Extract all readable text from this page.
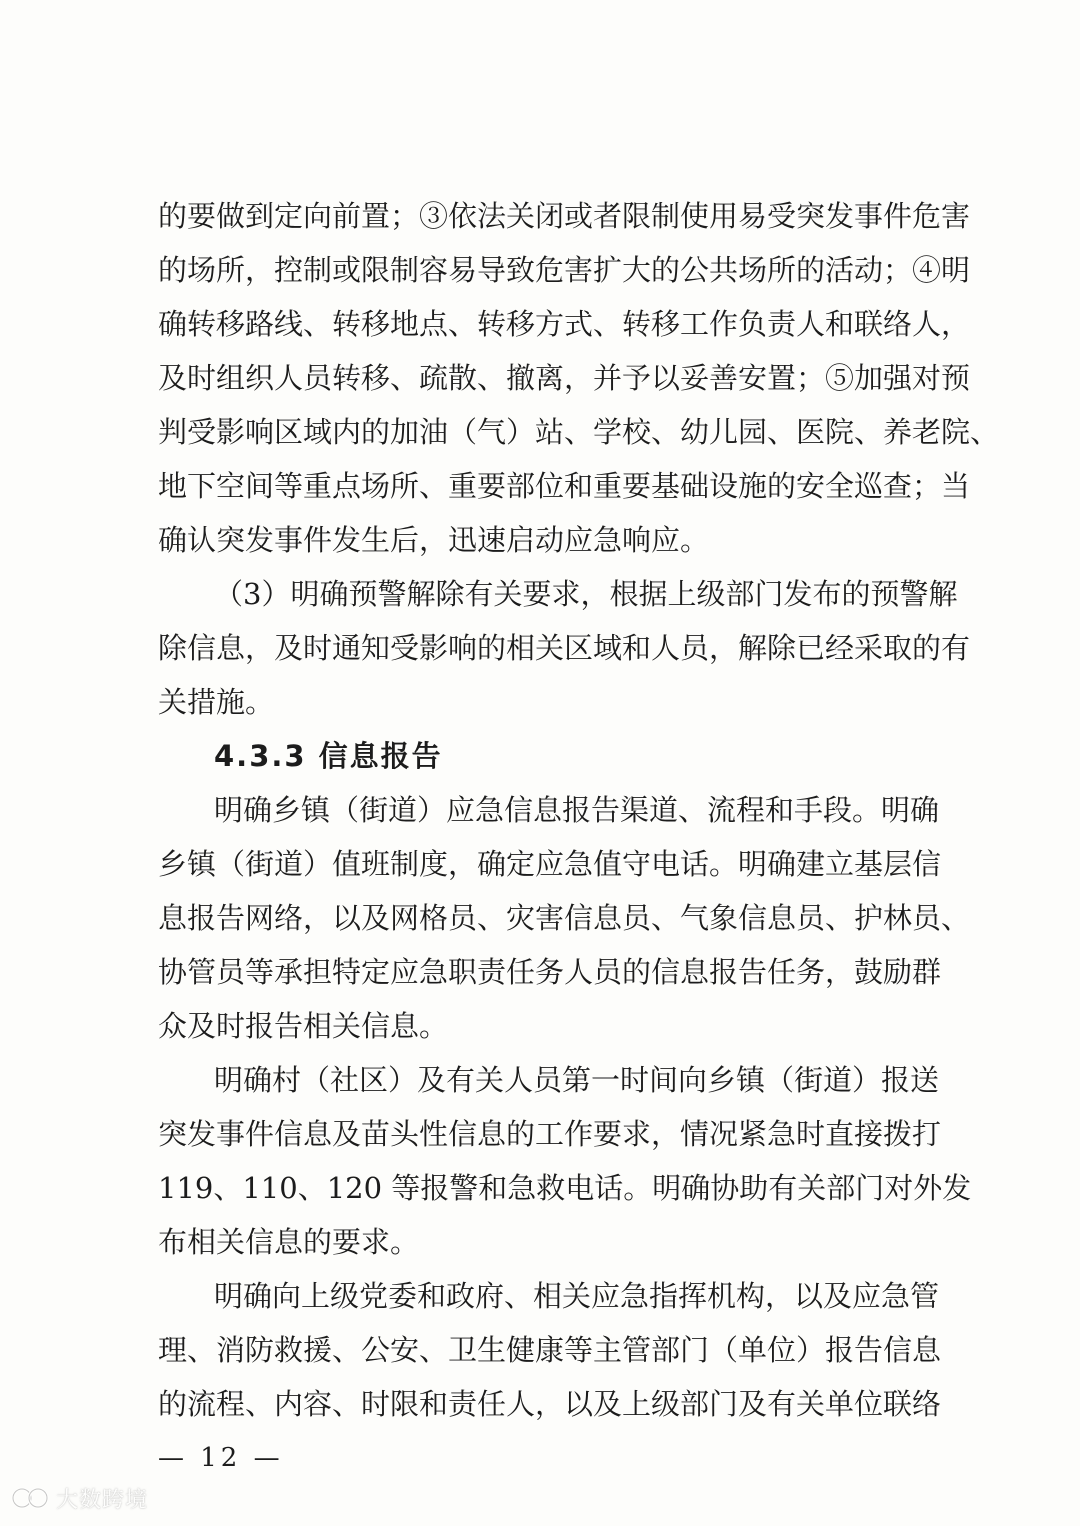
的要做到定向前置；③依法关闭或者限制使用易受突发事件危害
的场所，控制或限制容易导致危害扩大的公共场所的活动；④明
确转移路线、转移地点、转移方式、转移工作负责人和联络人，
及时组织人员转移、疏散、撤离，并予以妥善安置；⑤加强对预
判受影响区域内的加油（气）站、学校、幼儿园、医院、养老院、
地下空间等重点场所、重要部位和重要基础设施的安全巡查；当
确认突发事件发生后，迅速启动应急响应。
（3）明确预警解除有关要求，根据上级部门发布的预警解
除信息，及时通知受影响的相关区域和人员，解除已经采取的有
关措施。
4.3.3 信息报告
明确乡镇（街道）应急信息报告渠道、流程和手段。明确
乡镇（街道）值班制度，确定应急值守电话。明确建立基层信
息报告网络，以及网格员、灾害信息员、气象信息员、护林员、
协管员等承担特定应急职责任务人员的信息报告任务，鼓励群
众及时报告相关信息。
明确村（社区）及有关人员第一时间向乡镇（街道）报送
突发事件信息及苗头性信息的工作要求，情况紧急时直接拨打
119、110、120 等报警和急救电话。明确协助有关部门对外发
布相关信息的要求。
明确向上级党委和政府、相关应急指挥机构，以及应急管
理、消防救援、公安、卫生健康等主管部门（单位）报告信息
的流程、内容、时限和责任人，以及上级部门及有关单位联络
— 12 —
大数跨境
